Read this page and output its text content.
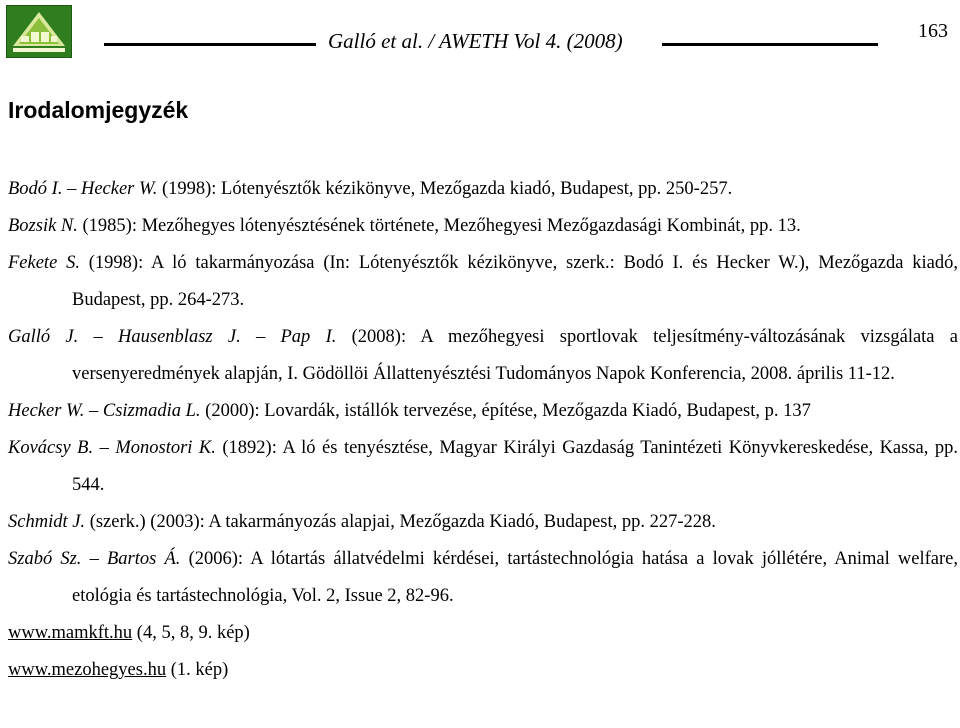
Galló et al. / AWETH Vol 4. (2008)	163
Irodalomjegyzék

Bodó I. – Hecker W. (1998): Lótenyésztők kézikönyve, Mezőgazda kiadó, Budapest, pp. 250-257.

Bozsik N. (1985): Mezőhegyes lótenyésztésének története, Mezőhegyesi Mezőgazdasági Kombinát, pp. 13.

Fekete S. (1998): A ló takarmányozása (In: Lótenyésztők kézikönyve, szerk.: Bodó I. és Hecker W.), Mezőgazda kiadó, Budapest, pp. 264-273.

Galló J. – Hausenblasz J. – Pap I. (2008): A mezőhegyesi sportlovak teljesítmény-változásának vizsgálata a versenyeredmények alapján, I. Gödöllöi Állattenyésztési Tudományos Napok Konferencia, 2008. április 11-12.

Hecker W. – Csizmadia L. (2000): Lovardák, istállók tervezése, építése, Mezőgazda Kiadó, Budapest, p. 137

Kovácsy B. – Monostori K. (1892): A ló és tenyésztése, Magyar Királyi Gazdaság Tanintézeti Könyvkereskedése, Kassa, pp. 544.

Schmidt J. (szerk.) (2003): A takarmányozás alapjai, Mezőgazda Kiadó, Budapest, pp. 227-228.

Szabó Sz. – Bartos Á. (2006): A lótartás állatvédelmi kérdései, tartástechnológia hatása a lovak jóllétére, Animal welfare, etológia és tartástechnológia, Vol. 2, Issue 2, 82-96.

www.mamkft.hu (4, 5, 8, 9. kép)

www.mezohegyes.hu (1. kép)
